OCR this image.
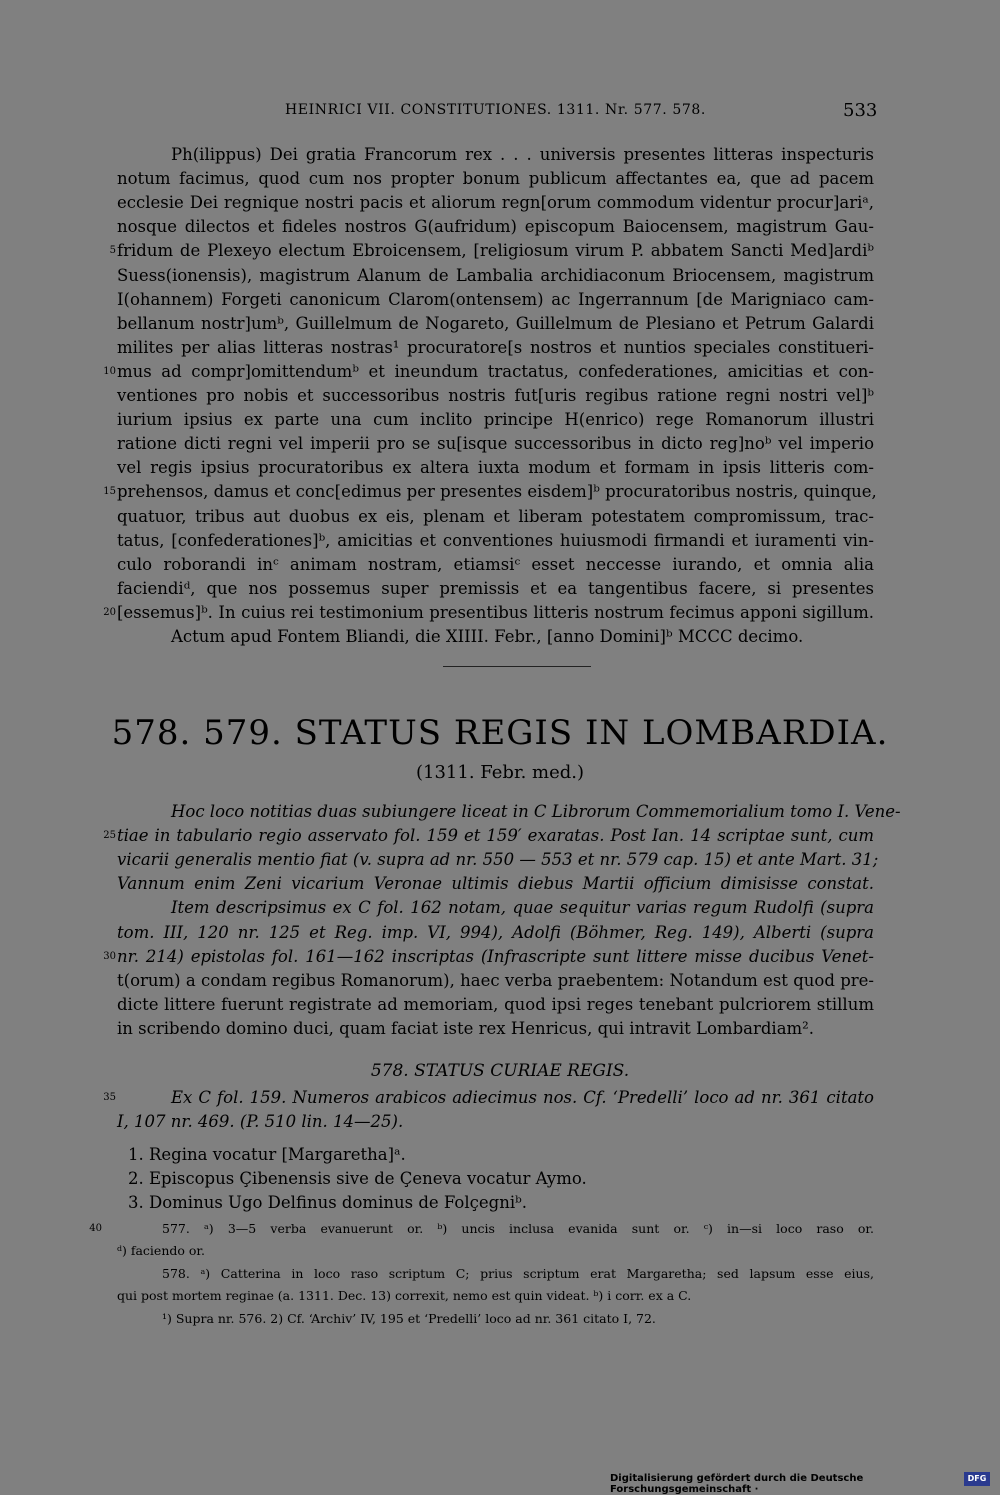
HEINRICI VII. CONSTITUTIONES. 1311. Nr. 577. 578.	533
Ph(ilippus) Dei gratia Francorum rex . . . universis presentes litteras inspecturis
notum facimus, quod cum nos propter bonum publicum affectantes ea, que ad pacem
ecclesie Dei regnique nostri pacis et aliorum regn[orum commodum videntur procur]ariᵃ,
nosque dilectos et fideles nostros G(aufridum) episcopum Baiocensem, magistrum Gau-
fridum de Plexeyo electum Ebroicensem, [religiosum virum P. abbatem Sancti Med]ardiᵇ
5
Suess(ionensis), magistrum Alanum de Lambalia archidiaconum Briocensem, magistrum
I(ohannem) Forgeti canonicum Clarom(ontensem) ac Ingerrannum [de Marigniaco cam-
bellanum nostr]umᵇ, Guillelmum de Nogareto, Guillelmum de Plesiano et Petrum Galardi
milites per alias litteras nostras¹ procuratore[s nostros et nuntios speciales constitueri-
mus ad compr]omittendumᵇ et ineundum tractatus, confederationes, amicitias et con-
10
ventiones pro nobis et successoribus nostris fut[uris regibus ratione regni nostri vel]ᵇ
iurium ipsius ex parte una cum inclito principe H(enrico) rege Romanorum illustri
ratione dicti regni vel imperii pro se su[isque successoribus in dicto reg]noᵇ vel imperio
vel regis ipsius procuratoribus ex altera iuxta modum et formam in ipsis litteris com-
prehensos, damus et conc[edimus per presentes eisdem]ᵇ procuratoribus nostris, quinque,
15
quatuor, tribus aut duobus ex eis, plenam et liberam potestatem compromissum, trac-
tatus, [confederationes]ᵇ, amicitias et conventiones huiusmodi firmandi et iuramenti vin-
culo roborandi inᶜ animam nostram, etiamsiᶜ esset neccesse iurando, et omnia alia
faciendiᵈ, que nos possemus super premissis et ea tangentibus facere, si presentes
[essemus]ᵇ. In cuius rei testimonium presentibus litteris nostrum fecimus apponi sigillum.
20
Actum apud Fontem Bliandi, die XIIII. Febr., [anno Domini]ᵇ MCCC decimo.
578. 579. STATUS REGIS IN LOMBARDIA.
(1311. Febr. med.)
Hoc loco notitias duas subiungere liceat in C Librorum Commemorialium tomo I. Vene-
tiae in tabulario regio asservato fol. 159 et 159′ exaratas. Post Ian. 14 scriptae sunt, cum
25
vicarii generalis mentio fiat (v. supra ad nr. 550 — 553 et nr. 579 cap. 15) et ante Mart. 31;
Vannum enim Zeni vicarium Veronae ultimis diebus Martii officium dimisisse constat.
Item descripsimus ex C fol. 162 notam, quae sequitur varias regum Rudolfi (supra
tom. III, 120 nr. 125 et Reg. imp. VI, 994), Adolfi (Böhmer, Reg. 149), Alberti (supra
nr. 214) epistolas fol. 161—162 inscriptas (Infrascripte sunt littere misse ducibus Venet-
30
t(orum) a condam regibus Romanorum), haec verba praebentem: Notandum est quod pre-
dicte littere fuerunt registrate ad memoriam, quod ipsi reges tenebant pulcriorem stillum
in scribendo domino duci, quam faciat iste rex Henricus, qui intravit Lombardiam².
578. STATUS CURIAE REGIS.
Ex C fol. 159. Numeros arabicos adiecimus nos. Cf. ‘Predelli’ loco ad nr. 361 citato
35
I, 107 nr. 469. (P. 510 lin. 14—25).
1. Regina vocatur [Margaretha]ᵃ.
2. Episcopus Çibenensis sive de Çeneva vocatur Aymo.
3. Dominus Ugo Delfinus dominus de Folçegniᵇ.
577. ᵃ) 3—5 verba evanuerunt or. ᵇ) uncis inclusa evanida sunt or. ᶜ) in—si loco raso or.
40
ᵈ) faciendo or.
578. ᵃ) Catterina in loco raso scriptum C; prius scriptum erat Margaretha; sed lapsum esse eius,
qui post mortem reginae (a. 1311. Dec. 13) correxit, nemo est quin videat. ᵇ) i corr. ex a C.
¹) Supra nr. 576. 2) Cf. ‘Archiv’ IV, 195 et ‘Predelli’ loco ad nr. 361 citato I, 72.
Digitalisierung gefördert durch die Deutsche Forschungsgemeinschaft ·
DFG
